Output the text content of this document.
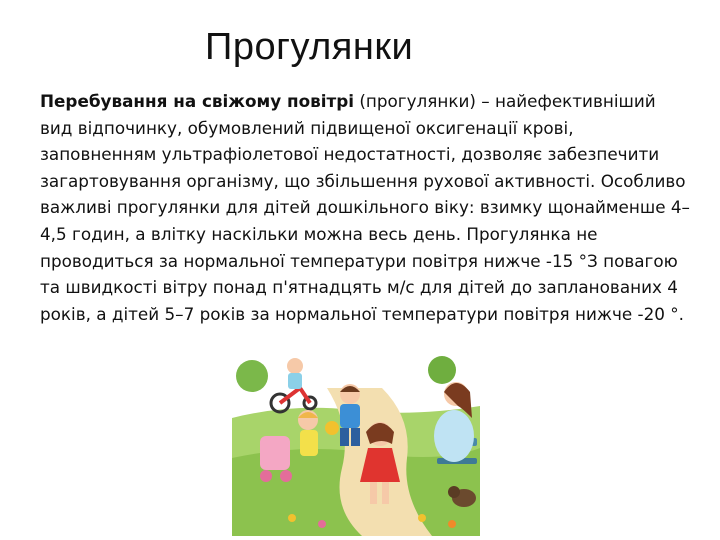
Прогулянки

Перебування на свіжому повітрі (прогулянки) – найефективніший вид відпочинку, обумовлений підвищеної оксигенації крові, заповненням ультрафіолетової недостатності, дозволяє забезпечити загартовування організму, що збільшення рухової активності. Особливо важливі прогулянки для дітей дошкільного віку: взимку щонайменше 4–4,5 годин, а влітку наскільки можна весь день. Прогулянка не проводиться за нормальної температури повітря нижче -15 °З повагою та швидкості вітру понад п'ятнадцять м/с для дітей до запланованих 4 років, а дітей 5–7 років за нормальної температури повітря нижче -20 °.
